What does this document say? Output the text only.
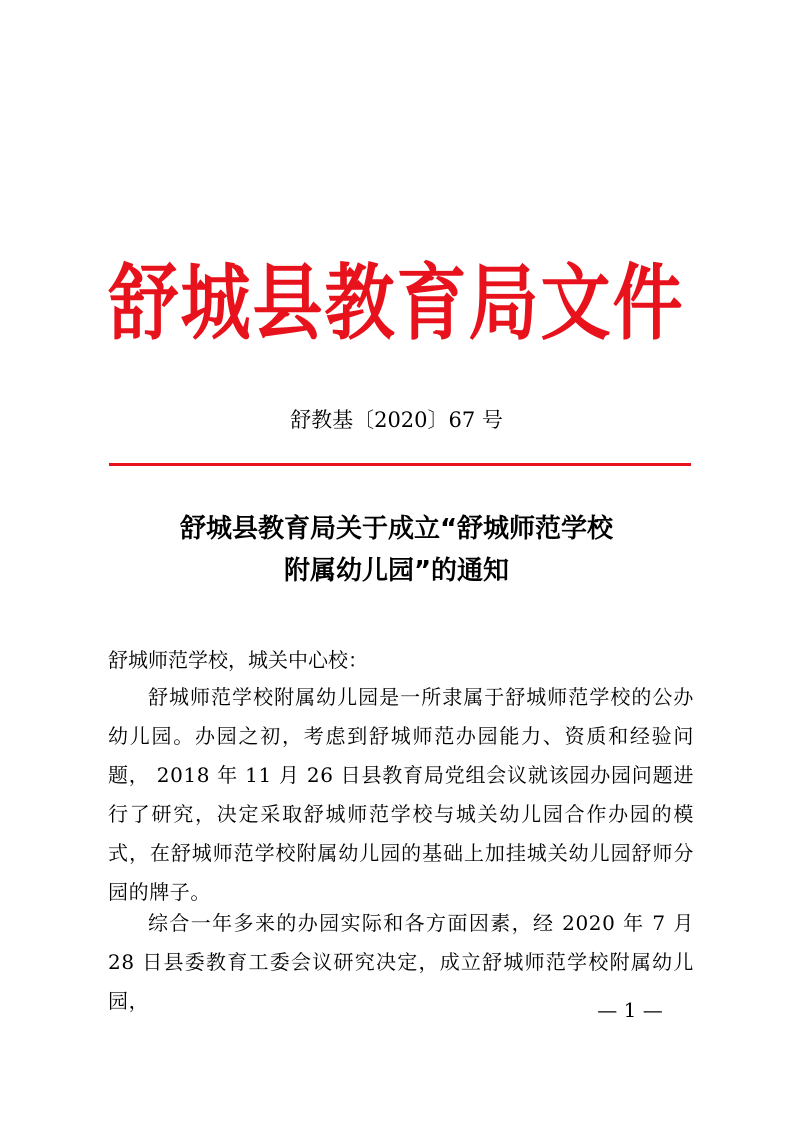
舒城县教育局文件
舒教基〔2020〕67 号
舒城县教育局关于成立“舒城师范学校
附属幼儿园”的通知
舒城师范学校，城关中心校：
舒城师范学校附属幼儿园是一所隶属于舒城师范学校的公办幼儿园。办园之初，考虑到舒城师范办园能力、资质和经验问题， 2018 年 11 月 26 日县教育局党组会议就该园办园问题进行了研究，决定采取舒城师范学校与城关幼儿园合作办园的模式，在舒城师范学校附属幼儿园的基础上加挂城关幼儿园舒师分园的牌子。
综合一年多来的办园实际和各方面因素，经 2020 年 7 月 28 日县委教育工委会议研究决定，成立舒城师范学校附属幼儿园，	— 1 —
